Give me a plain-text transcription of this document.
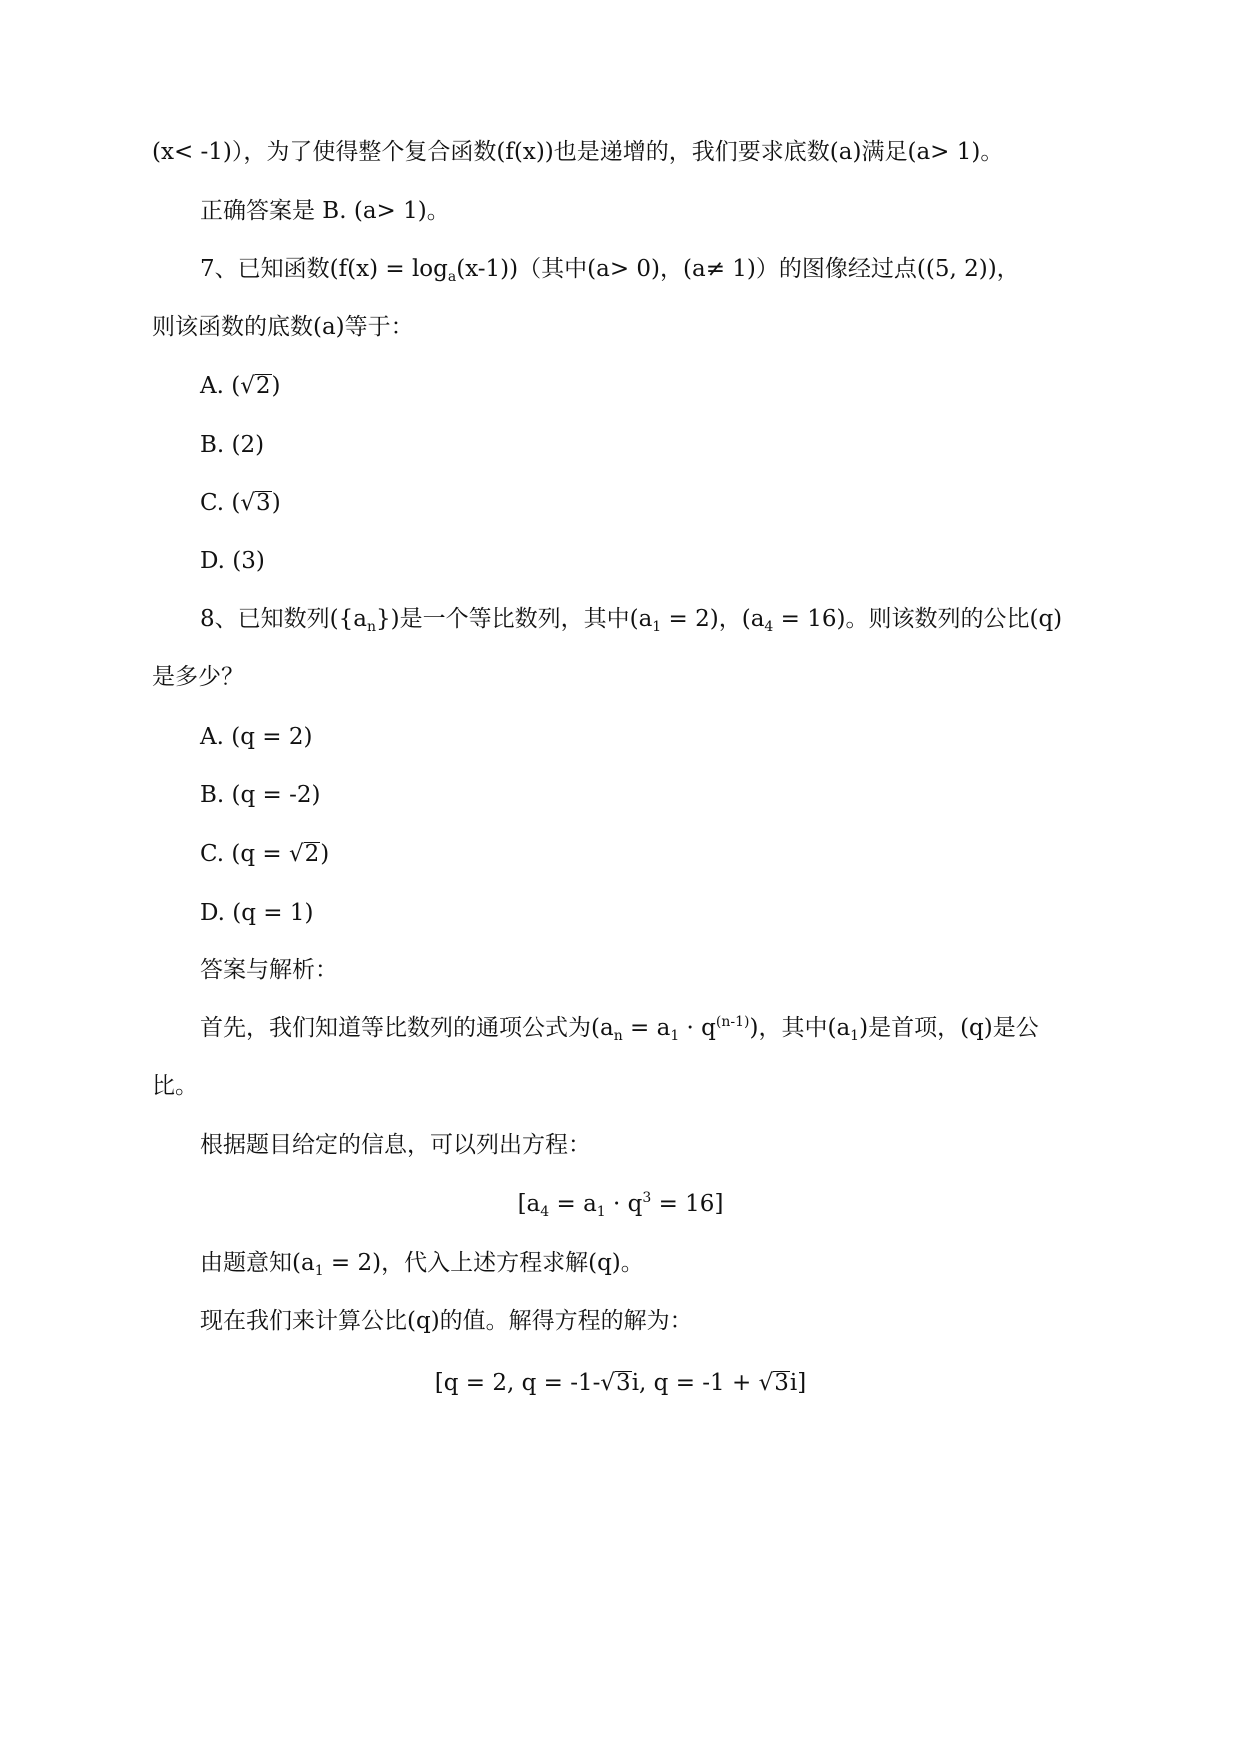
(x< -1)），为了使得整个复合函数(f(x))也是递增的，我们要求底数(a)满足(a> 1)。
正确答案是 B. (a> 1)。
7、已知函数$(f(x) = \log_a(x-1))$（其中(a> 0)，(a≠ 1)）的图像经过点((5, 2))，
则该函数的底数(a)等于：
A. (√2)
B. (2)
C. (√3)
D. (3)
8、已知数列$(\{a_n\})$是一个等比数列，其中$(a_1 = 2)$，$(a_4 = 16)$。则该数列的公比(q)
是多少？
A. (q = 2)
B. (q = -2)
C. (q = √2)
D. (q = 1)
答案与解析：
首先，我们知道等比数列的通项公式为$(a_n = a_1 \cdot q^{(n-1)})$，其中$(a_1)$是首项，(q)是公
比。
根据题目给定的信息，可以列出方程：
$[a_4 = a_1 \cdot q^3 = 16]$
由题意知$(a_1 = 2)$，代入上述方程求解(q)。
现在我们来计算公比(q)的值。解得方程的解为：
[q = 2, q = -1-√3i, q = -1 + √3i]
